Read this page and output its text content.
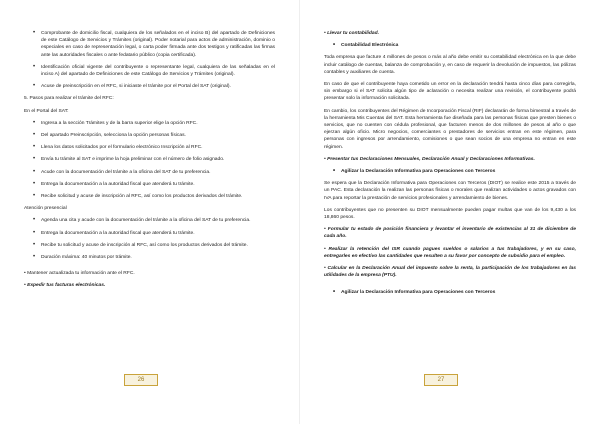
• Comprobante de domicilio fiscal, cualquiera de los señalados en el inciso B) del apartado de Definiciones de este Catálogo de Servicios y Trámites (original). Poder notarial para actos de administración, dominio o especiales en caso de representación legal, o carta poder firmada ante dos testigos y ratificadas las firmas ante las autoridades fiscales o ante fedatario público (copia certificada).
• Identificación oficial vigente del contribuyente o representante legal, cualquiera de las señaladas en el inciso A) del apartado de Definiciones de este Catálogo de Servicios y Trámites (original).
• Acuse de preinscripción en el RFC, si iniciaste el trámite por el Portal del SAT (original).

5. Pasos para realizar el trámite del RFC:

En el Portal del SAT:

• Ingresa a la sección Trámites y de la barra superior elige la opción RFC.
• Del apartado Preinscripción, selecciona la opción personas físicas.
• Llena los datos solicitados por el formulario electrónico Inscripción al RFC.
• Envía tu trámite al SAT e imprime la hoja preliminar con el número de folio asignado.
• Acude con la documentación del trámite a la oficina del SAT de tu preferencia.
• Entrega la documentación a la autoridad fiscal que atenderá tu trámite.
• Recibe solicitud y acuse de inscripción al RFC, así como los productos derivados del trámite.

Atención presencial

• Agenda una cita y acude con la documentación del trámite a la oficina del SAT de tu preferencia.
• Entrega la documentación a la autoridad fiscal que atenderá tu trámite.
• Recibe tu solicitud y acuse de inscripción al RFC, así como los productos derivados del trámite.
• Duración máxima: 40 minutos por trámite.

• Mantener actualizada tu información ante el RFC.

• Expedir tus facturas electrónicas.

26

• Llevar tu contabilidad.

• Contabilidad Electrónica

Toda empresa que facture 4 millones de pesos o más al año debe emitir su contabilidad electrónica en la que debe incluir catálogo de cuentas, balanza de comprobación y, en caso de requerir la devolución de impuestos, las pólizas contables y auxiliares de cuenta.

En caso de que el contribuyente haya cometido un error en la declaración tendrá hasta cinco días para corregirla, sin embargo si el SAT solicita algún tipo de aclaración o necesita realizar una revisión, el contribuyente podrá presentar solo la información solicitada.

En cambio, los contribuyentes del Régimen de Incorporación Fiscal (RIF) declararán de forma bimestral a través de la herramienta Mis Cuentas del SAT. Esta herramienta fue diseñada para las personas físicas que presten bienes o servicios, que no cuenten con cédula profesional, que facturen menos de dos millones de pesos al año o que ejerzan algún oficio. Micro negocios, comerciantes o prestadores de servicios entran en este régimen, para personas con ingresos por arrendamiento, comisiones o que sean socios de una empresa no entran en este régimen.

• Presentar tus Declaraciones Mensuales, Declaración Anual y Declaraciones Informativas.

• Agilizar la Declaración Informativa para Operaciones con Terceros

Se espera que la Declaración Informativa para Operaciones con Terceros (DIOT) se realice este 2015 a través de un PAC. Esta declaración la realizan las personas físicas o morales que realizan actividades o actos gravados con IVA para reportar la prestación de servicios profesionales y arrendamiento de bienes.

Los contribuyentes que no presenten su DIOT mensualmente pueden pagar multas que van de los 9,430 a los 18,860 pesos.

• Formular tu estado de posición financiera y levantar el inventario de existencias al 31 de diciembre de cada año.

• Realizar la retención del ISR cuando pagues sueldos o salarios a tus trabajadores, y en su caso, entregarles en efectivo las cantidades que resulten a su favor por concepto de subsidio para el empleo.

• Calcular en la Declaración Anual del impuesto sobre la renta, la participación de los trabajadores en las utilidades de la empresa (PTU).

• Agilizar la Declaración Informativa para Operaciones con Terceros
27
